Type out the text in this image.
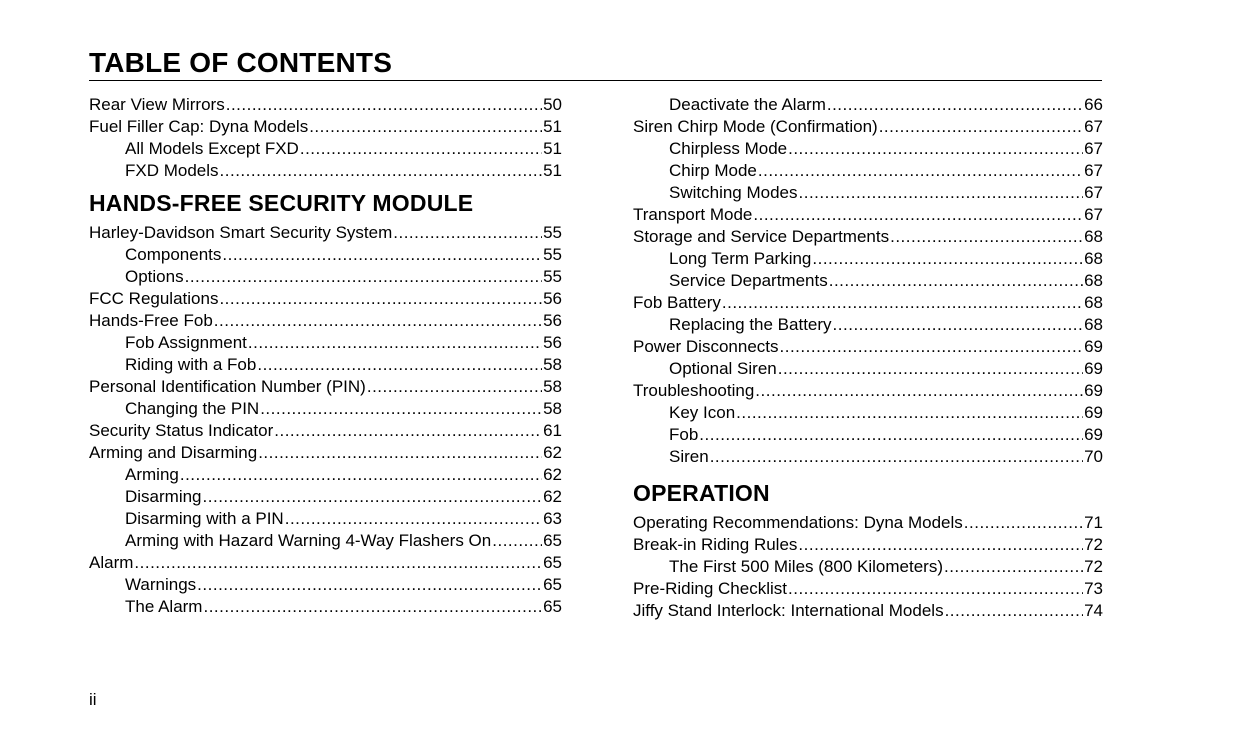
TABLE OF CONTENTS
Rear View Mirrors .....	50
Fuel Filler Cap: Dyna Models .....	51
All Models Except FXD .....	51
FXD Models .....	51
HANDS-FREE SECURITY MODULE
Harley-Davidson Smart Security System .....	55
Components .....	55
Options .....	55
FCC Regulations .....	56
Hands-Free Fob .....	56
Fob Assignment .....	56
Riding with a Fob .....	58
Personal Identification Number (PIN) .....	58
Changing the PIN .....	58
Security Status Indicator .....	61
Arming and Disarming .....	62
Arming .....	62
Disarming .....	62
Disarming with a PIN .....	63
Arming with Hazard Warning 4-Way Flashers On .....	65
Alarm .....	65
Warnings .....	65
The Alarm .....	65
Deactivate the Alarm .....	66
Siren Chirp Mode (Confirmation) .....	67
Chirpless Mode .....	67
Chirp Mode .....	67
Switching Modes .....	67
Transport Mode .....	67
Storage and Service Departments .....	68
Long Term Parking .....	68
Service Departments .....	68
Fob Battery .....	68
Replacing the Battery .....	68
Power Disconnects .....	69
Optional Siren .....	69
Troubleshooting .....	69
Key Icon .....	69
Fob .....	69
Siren .....	70
OPERATION
Operating Recommendations: Dyna Models .....	71
Break-in Riding Rules .....	72
The First 500 Miles (800 Kilometers) .....	72
Pre-Riding Checklist .....	73
Jiffy Stand Interlock: International Models .....	74
ii
